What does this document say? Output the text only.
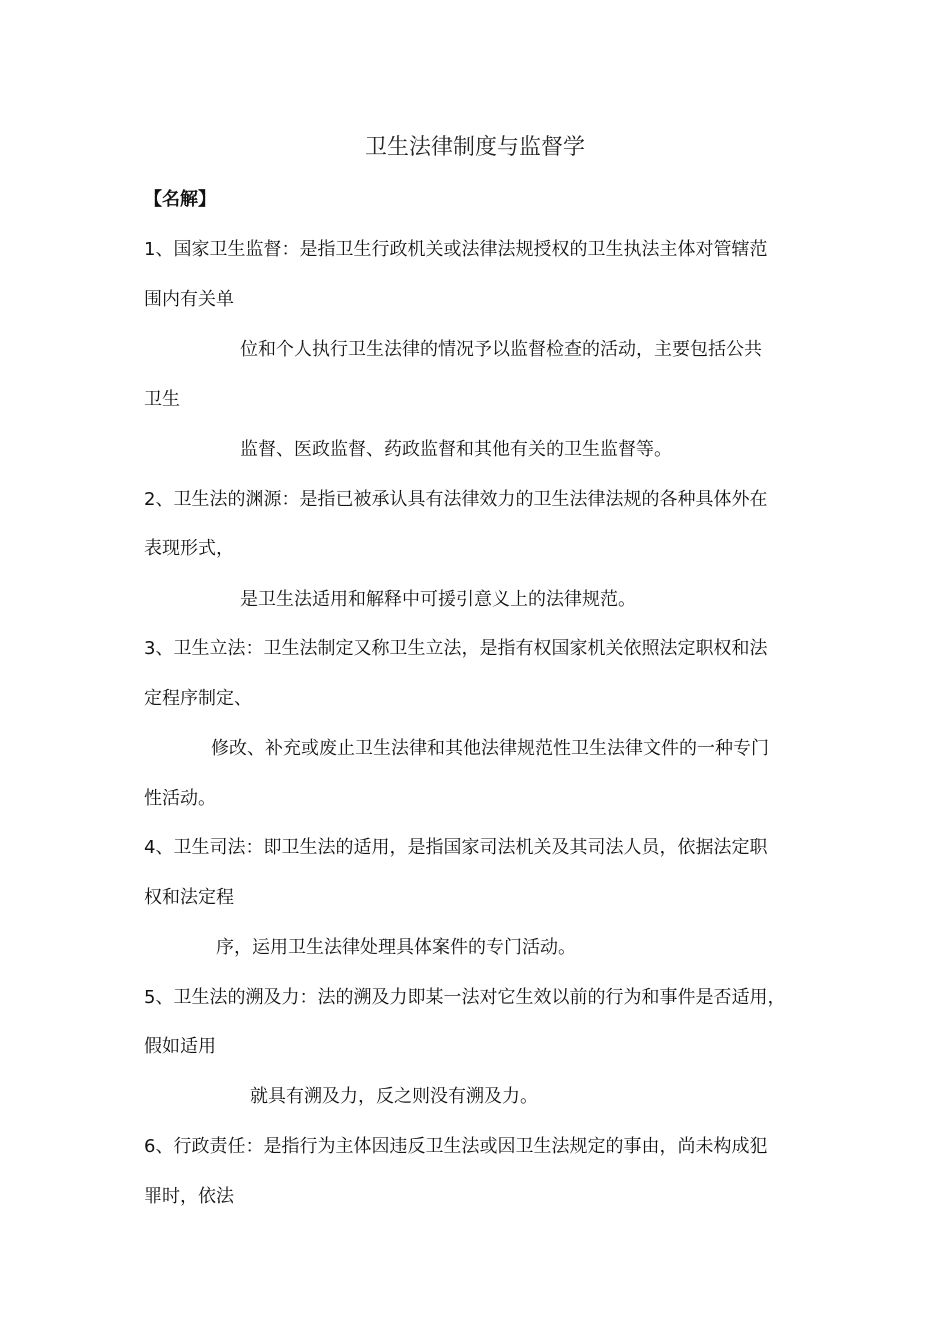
卫生法律制度与监督学
【名解】
1、国家卫生监督：是指卫生行政机关或法律法规授权的卫生执法主体对管辖范
围内有关单
位和个人执行卫生法律的情况予以监督检查的活动，主要包括公共
卫生
监督、医政监督、药政监督和其他有关的卫生监督等。
2、卫生法的渊源：是指已被承认具有法律效力的卫生法律法规的各种具体外在
表现形式，
是卫生法适用和解释中可援引意义上的法律规范。
3、卫生立法：卫生法制定又称卫生立法，是指有权国家机关依照法定职权和法
定程序制定、
修改、补充或废止卫生法律和其他法律规范性卫生法律文件的一种专门
性活动。
4、卫生司法：即卫生法的适用，是指国家司法机关及其司法人员，依据法定职
权和法定程
序，运用卫生法律处理具体案件的专门活动。
5、卫生法的溯及力：法的溯及力即某一法对它生效以前的行为和事件是否适用，
假如适用
就具有溯及力，反之则没有溯及力。
6、行政责任：是指行为主体因违反卫生法或因卫生法规定的事由，尚未构成犯
罪时，依法
